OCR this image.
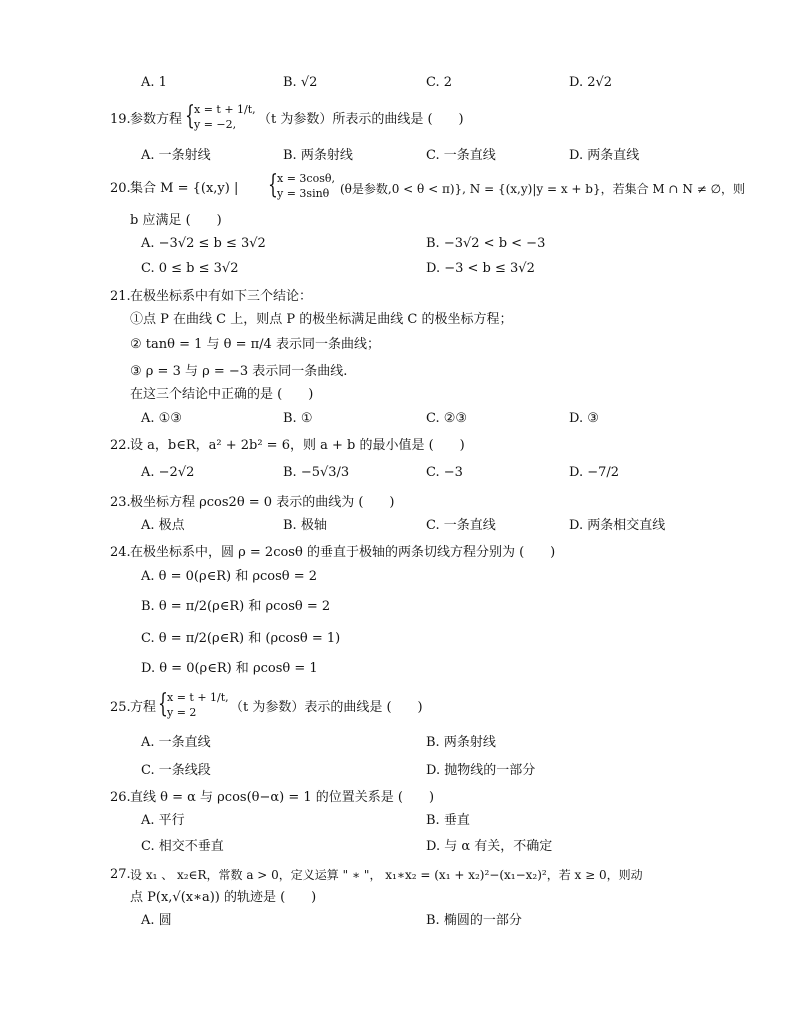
A. 1	B. √2	C. 2	D. 2√2
19. 参数方程 { x = t + 1/t,
y = −2, （t 为参数）所表示的曲线是 (　　)
A. 一条射线	B. 两条射线	C. 一条直线	D. 两条直线
20. 集合 M = {(x,y) | { x = 3cosθ,
y = 3sinθ (θ是参数,0 < θ < π)}, N = {(x,y)|y = x + b}，若集合 M ∩ N ≠ ∅，则
b 应满足 (　　)
A. −3√2 ≤ b ≤ 3√2	B. −3√2 < b < −3
C. 0 ≤ b ≤ 3√2	D. −3 < b ≤ 3√2
21. 在极坐标系中有如下三个结论：
①点 P 在曲线 C 上，则点 P 的极坐标满足曲线 C 的极坐标方程；
② tanθ = 1 与 θ = π/4 表示同一条曲线；
③ ρ = 3 与 ρ = −3 表示同一条曲线.
在这三个结论中正确的是 (　　)
A. ①③	B. ①	C. ②③	D. ③
22. 设 a，b∈R，a² + 2b² = 6，则 a + b 的最小值是 (　　)
A. −2√2	B. −5√3/3	C. −3	D. −7/2
23. 极坐标方程 ρcos2θ = 0 表示的曲线为 (　　)
A. 极点	B. 极轴	C. 一条直线	D. 两条相交直线
24. 在极坐标系中，圆 ρ = 2cosθ 的垂直于极轴的两条切线方程分别为 (　　)
A. θ = 0(ρ∈R) 和 ρcosθ = 2
B. θ = π/2(ρ∈R) 和 ρcosθ = 2
C. θ = π/2(ρ∈R) 和 (ρcosθ = 1)
D. θ = 0(ρ∈R) 和 ρcosθ = 1
25. 方程 { x = t + 1/t,
y = 2	（t 为参数）表示的曲线是 (　　)
A. 一条直线	B. 两条射线
C. 一条线段	D. 抛物线的一部分
26. 直线 θ = α 与 ρcos(θ−α) = 1 的位置关系是 (　　)
A. 平行	B. 垂直
C. 相交不垂直	D. 与 α 有关，不确定
27. 设 x₁ 、 x₂∈R，常数 a > 0，定义运算 " ∗ "， x₁∗x₂ = (x₁ + x₂)²−(x₁−x₂)²，若 x ≥ 0，则动
点 P(x,√(x∗a)) 的轨迹是 (　　)
A. 圆	B. 椭圆的一部分
